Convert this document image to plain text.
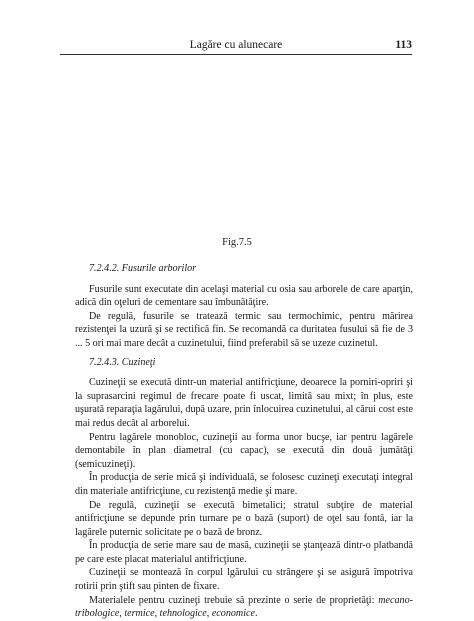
Lagăre cu alunecare	113
Fig.7.5

7.2.4.2. Fusurile arborilor

Fusurile sunt executate din acelaşi material cu osia sau arborele de care aparţin, adică din oţeluri de cementare sau îmbunătăţire.

De regulă, fusurile se tratează termic sau termochimic, pentru mărirea rezistenţei la uzură şi se rectifică fin. Se recomandă ca duritatea fusului să fie de 3 ... 5 ori mai mare decât a cuzinetului, fiind preferabil să se uzeze cuzinetul.

7.2.4.3. Cuzineţi

Cuzineţii se execută dintr-un material antifricţiune, deoarece la porniri-opriri şi la suprasarcini regimul de frecare poate fi uscat, limită sau mixt; în plus, este uşurată reparaţia lagărului, după uzare, prin înlocuirea cuzinetului, al cărui cost este mai redus decât al arborelui.

Pentru lagărele monobloc, cuzineţii au forma unor bucşe, iar pentru lagărele demontabile în plan diametral (cu capac), se execută din două jumătăţi (semicuzineţi).

În producţia de serie mică şi individuală, se folosesc cuzineţi executaţi integral din materiale antifricţiune, cu rezistenţă medie şi mare.

De regulă, cuzineţii se execută bimetalici; stratul subţire de material antifricţiune se depunde prin turnare pe o bază (suport) de oţel sau fontă, iar la lagărele puternic solicitate pe o bază de bronz.

În producţia de serie mare sau de masă, cuzineţii se ştanţează dintr-o platbandă pe care este placat materialul antifricţiune.

Cuzineţii se montează în corpul lgărului cu strângere şi se asigură împotriva rotirii prin ştift sau pinten de fixare.

Materialele pentru cuzineţi trebuie să prezinte o serie de proprietăţi: mecano-tribologice, termice, tehnologice, economice.
